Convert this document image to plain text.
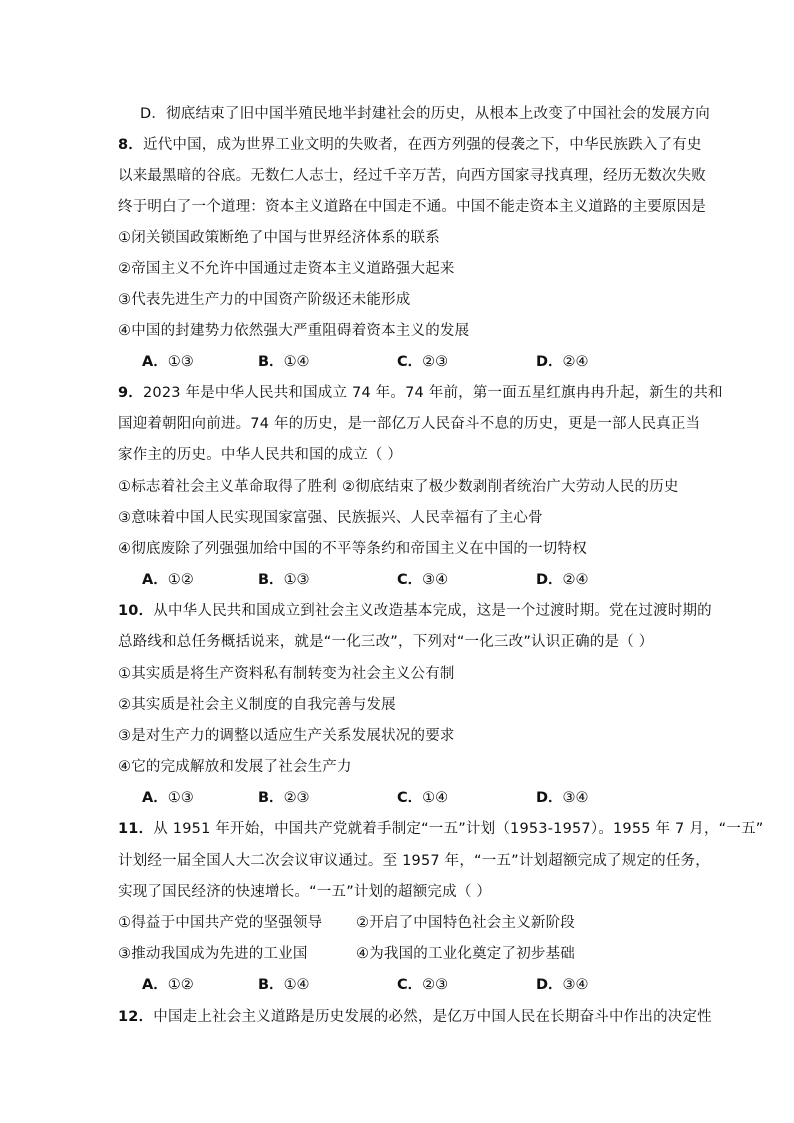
D．彻底结束了旧中国半殖民地半封建社会的历史，从根本上改变了中国社会的发展方向
8．近代中国，成为世界工业文明的失败者，在西方列强的侵袭之下，中华民族跌入了有史
以来最黑暗的谷底。无数仁人志士，经过千辛万苦，向西方国家寻找真理，经历无数次失败
终于明白了一个道理：资本主义道路在中国走不通。中国不能走资本主义道路的主要原因是
①闭关锁国政策断绝了中国与世界经济体系的联系
②帝国主义不允许中国通过走资本主义道路强大起来
③代表先进生产力的中国资产阶级还未能形成
④中国的封建势力依然强大严重阻碍着资本主义的发展
A．①③	B．①④	C．②③	D．②④
9．2023 年是中华人民共和国成立 74 年。74 年前，第一面五星红旗冉冉升起，新生的共和
国迎着朝阳向前进。74 年的历史，是一部亿万人民奋斗不息的历史，更是一部人民真正当
家作主的历史。中华人民共和国的成立（ ）
①标志着社会主义革命取得了胜利 ②彻底结束了极少数剥削者统治广大劳动人民的历史
③意味着中国人民实现国家富强、民族振兴、人民幸福有了主心骨
④彻底废除了列强强加给中国的不平等条约和帝国主义在中国的一切特权
A．①②	B．①③	C．③④	D．②④
10．从中华人民共和国成立到社会主义改造基本完成，这是一个过渡时期。党在过渡时期的
总路线和总任务概括说来，就是“一化三改”，下列对“一化三改”认识正确的是（ ）
①其实质是将生产资料私有制转变为社会主义公有制
②其实质是社会主义制度的自我完善与发展
③是对生产力的调整以适应生产关系发展状况的要求
④它的完成解放和发展了社会生产力
A．①③	B．②③	C．①④	D．③④
11．从 1951 年开始，中国共产党就着手制定“一五”计划（1953-1957）。1955 年 7 月，“一五”
计划经一届全国人大二次会议审议通过。至 1957 年，“一五”计划超额完成了规定的任务，
实现了国民经济的快速增长。“一五”计划的超额完成（ ）
①得益于中国共产党的坚强领导 ②开启了中国特色社会主义新阶段
③推动我国成为先进的工业国	④为我国的工业化奠定了初步基础
A．①②	B．①④	C．②③	D．③④
12．中国走上社会主义道路是历史发展的必然，是亿万中国人民在长期奋斗中作出的决定性
